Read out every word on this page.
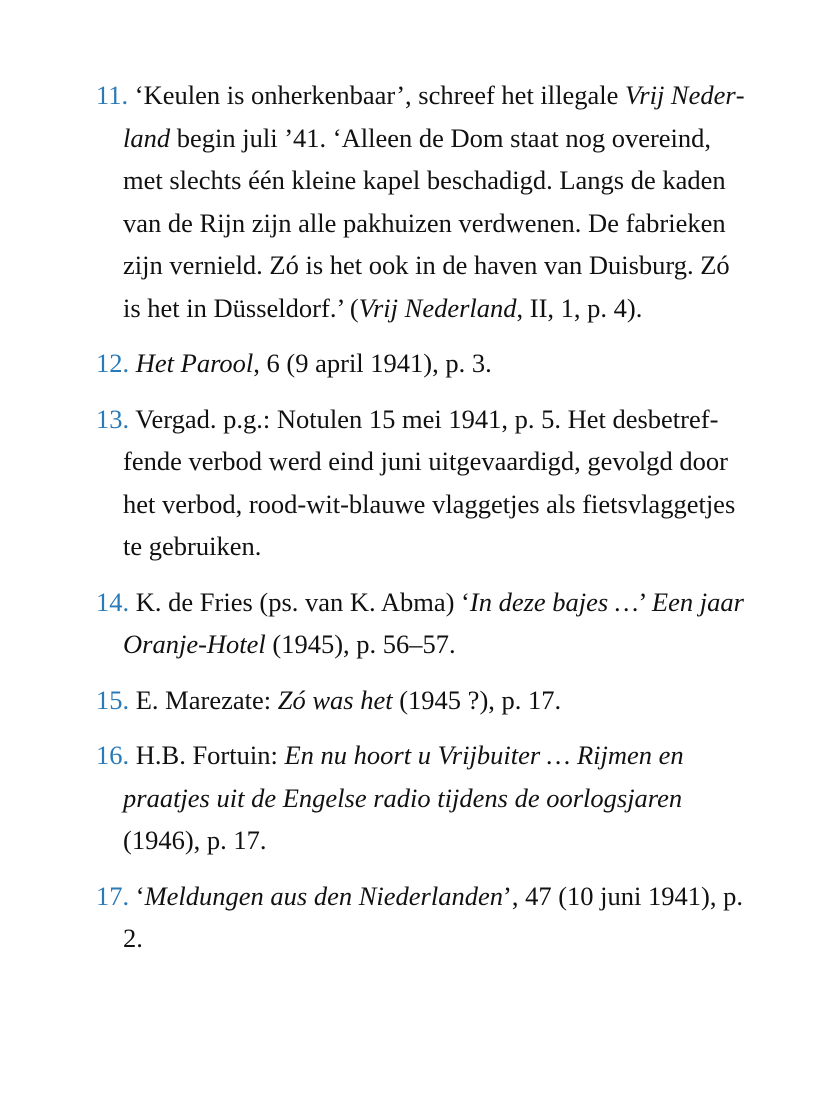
11. ‘Keulen is onherkenbaar’, schreef het illegale Vrij Nederland begin juli ’41. ‘Alleen de Dom staat nog overeind, met slechts één kleine kapel beschadigd. Langs de kaden van de Rijn zijn alle pakhuizen verdwenen. De fabrieken zijn vernield. Zó is het ook in de haven van Duisburg. Zó is het in Düsseldorf.’ (Vrij Nederland, II, 1, p. 4).

12. Het Parool, 6 (9 april 1941), p. 3.

13. Vergad. p.g.: Notulen 15 mei 1941, p. 5. Het desbetreffende verbod werd eind juni uitgevaardigd, gevolgd door het verbod, rood-wit-blauwe vlaggetjes als fietsvlaggetjes te gebruiken.

14. K. de Fries (ps. van K. Abma) ‘In deze bajes …’ Een jaar Oranje-Hotel (1945), p. 56–57.

15. E. Marezate: Zó was het (1945 ?), p. 17.

16. H.B. Fortuin: En nu hoort u Vrijbuiter … Rijmen en praatjes uit de Engelse radio tijdens de oorlogsjaren (1946), p. 17.

17. ‘Meldungen aus den Niederlanden’, 47 (10 juni 1941), p. 2.
